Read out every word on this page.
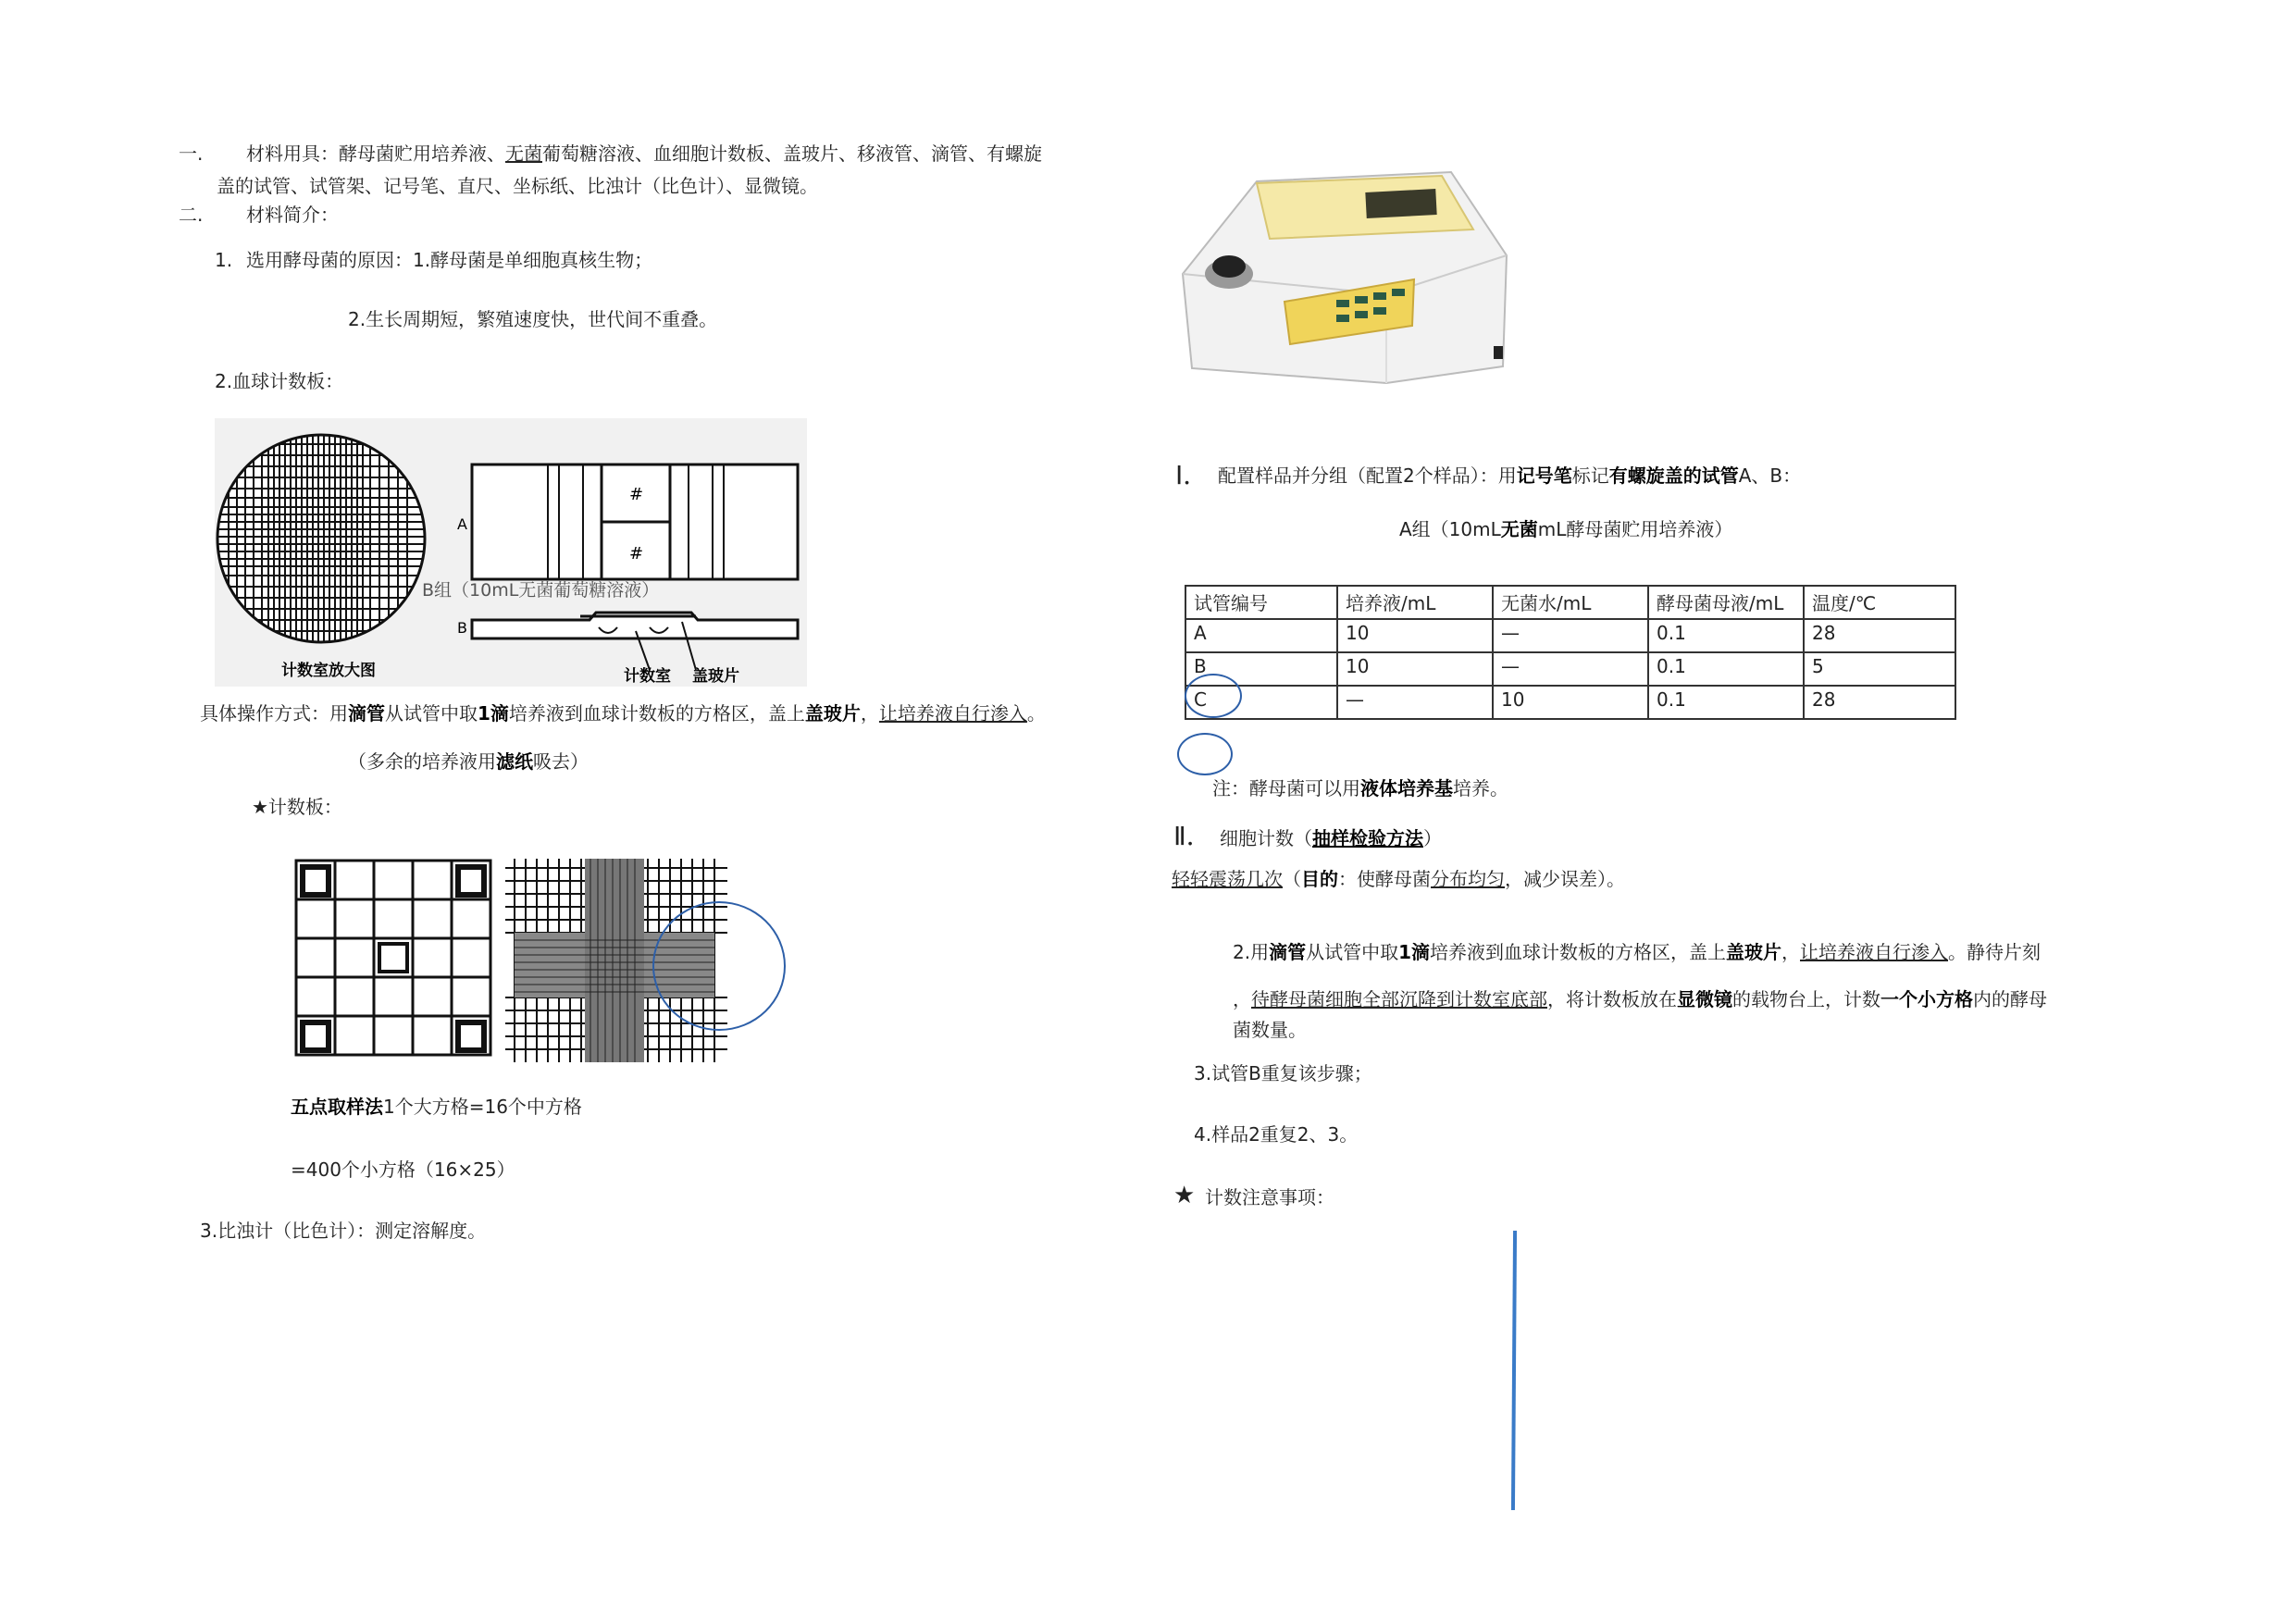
一. 材料用具：酵母菌贮用培养液、无菌葡萄糖溶液、血细胞计数板、盖玻片、移液管、滴管、有螺旋
盖的试管、试管架、记号笔、直尺、坐标纸、比浊计（比色计）、显微镜。
二. 材料简介：
1. 选用酵母菌的原因：1.酵母菌是单细胞真核生物；
2.生长周期短，繁殖速度快，世代间不重叠。
2.血球计数板：
#
#
A
B
计数室放大图	计数室 盖玻片
B组（10mL无菌葡萄糖溶液）
具体操作方式：用滴管从试管中取1滴培养液到血球计数板的方格区，盖上盖玻片，让培养液自行渗入。
（多余的培养液用滤纸吸去）
★计数板：
五点取样法1个大方格=16个中方格
=400个小方格（16×25）
3.比浊计（比色计）：测定溶解度。
Ⅰ． 配置样品并分组（配置2个样品）：用记号笔标记有螺旋盖的试管A、B：
A组（10mL无菌mL酵母菌贮用培养液）
试管编号	培养液/mL	无菌水/mL	酵母菌母液/mL	温度/℃
A	10	—	0.1	28
B	10	—	0.1	5
C	—	10	0.1	28
注：酵母菌可以用液体培养基培养。
Ⅱ． 细胞计数（抽样检验方法）
轻轻震荡几次（目的：使酵母菌分布均匀，减少误差）。
2.用滴管从试管中取1滴培养液到血球计数板的方格区，盖上盖玻片，让培养液自行渗入。静待片刻
，待酵母菌细胞全部沉降到计数室底部，将计数板放在显微镜的载物台上，计数一个小方格内的酵母
菌数量。
3.试管B重复该步骤；
4.样品2重复2、3。
★ 计数注意事项：
